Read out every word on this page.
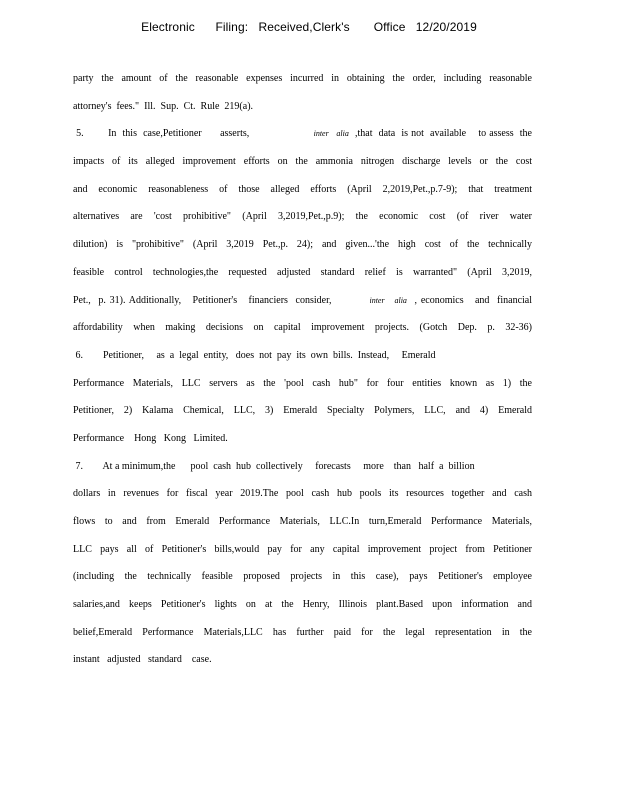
Electronic      Filing:   Received,Clerk's       Office   12/20/2019
party the amount of the reasonable expenses incurred in obtaining the order, including reasonable
attorney's  fees."  Ill.  Sup.  Ct.  Rule  219(a).
5.        In  this  case,Petitioner      asserts,                     inter   alia  ,that  data  is not  available    to assess  the
impacts of its alleged improvement efforts on the ammonia nitrogen discharge levels or the cost
and economic reasonableness of those alleged efforts (April 2,2019,Pet.,p.7-9); that treatment
alternatives are 'cost prohibitive" (April 3,2019,Pet.,p.9); the economic cost (of river water
dilution) is "prohibitive" (April 3,2019 Pet.,p. 24); and given...'the high cost of the technically
feasible control technologies,the requested adjusted standard relief is warranted" (April 3,2019,
Pet.,  p. 31). Additionally,   Petitioner's   financiers  consider,          inter   alia  , economics   and  financial
affordability when making decisions on capital improvement projects. (Gotch Dep. p. 32-36)
6.        Petitioner,     as  a  legal  entity,   does  not  pay  its  own  bills.  Instead,     Emerald
Performance Materials, LLC servers as the 'pool cash hub" for four entities known as 1) the
Petitioner, 2) Kalama Chemical, LLC, 3) Emerald Specialty Polymers, LLC, and 4) Emerald
Performance    Hong   Kong   Limited.
7.        At a minimum,the      pool  cash  hub  collectively     forecasts     more    than   half  a  billion
dollars in revenues for fiscal year 2019.The pool cash hub pools its resources together and cash
flows to and from Emerald Performance Materials, LLC.In turn,Emerald Performance Materials,
LLC pays all of Petitioner's bills,would pay for any capital improvement project from Petitioner
(including the technically feasible proposed projects in this case), pays Petitioner's employee
salaries,and keeps Petitioner's lights on at the Henry, Illinois plant.Based upon information and
belief,Emerald Performance Materials,LLC has further paid for the legal representation in the
instant   adjusted   standard    case.
